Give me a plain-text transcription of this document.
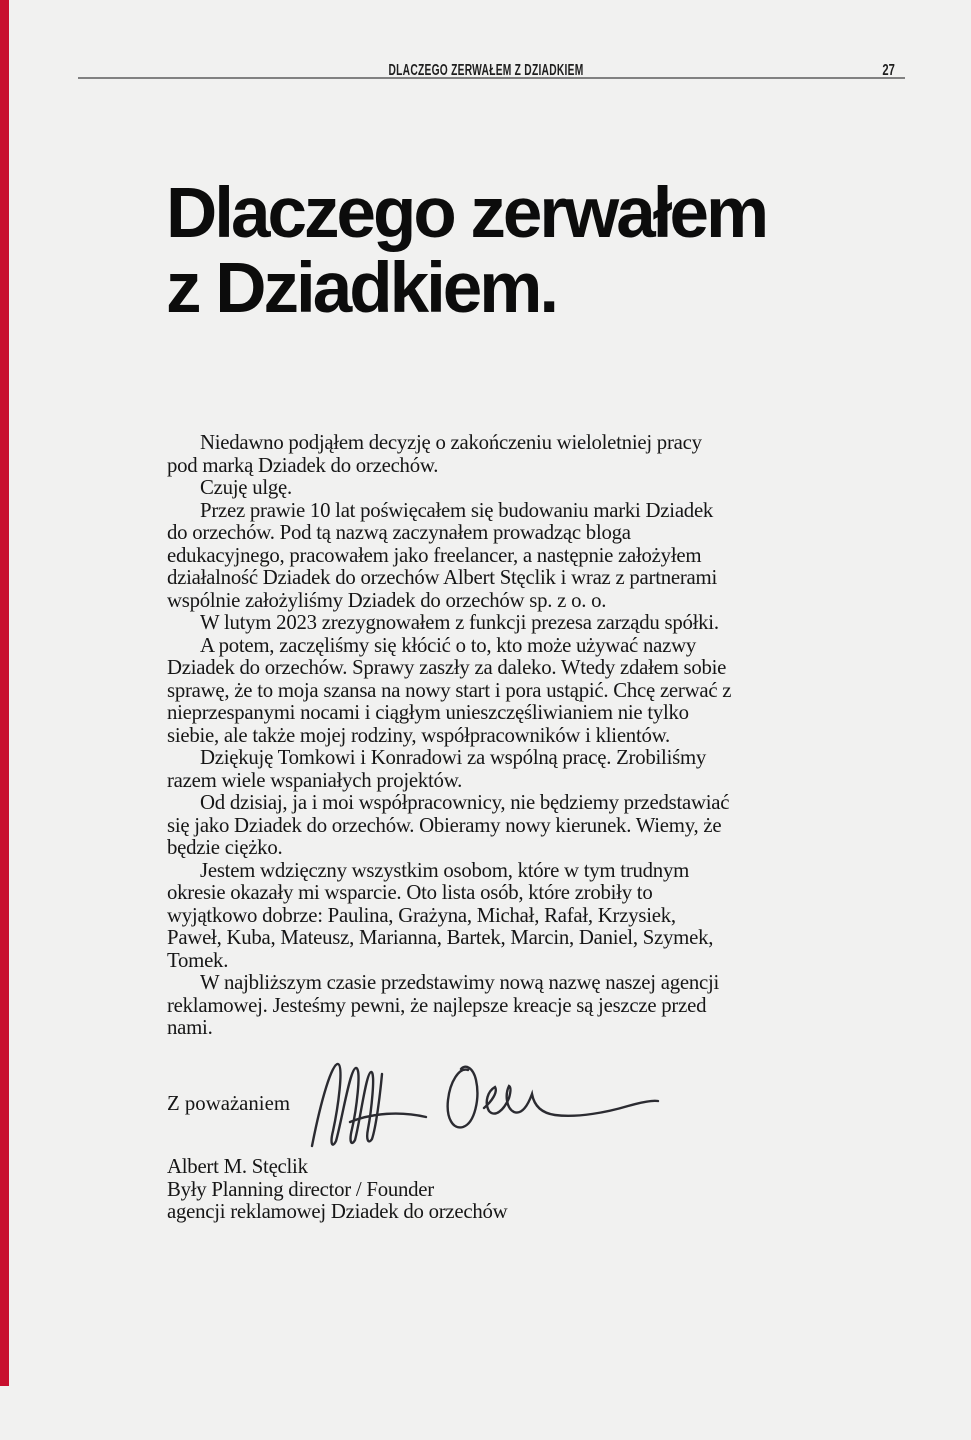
DLACZEGO ZERWAŁEM Z DZIADKIEM	27
Dlaczego zerwałem
z Dziadkiem.
Niedawno podjąłem decyzję o zakończeniu wieloletniej pracy
pod marką Dziadek do orzechów.
Czuję ulgę.
Przez prawie 10 lat poświęcałem się budowaniu marki Dziadek
do orzechów. Pod tą nazwą zaczynałem prowadząc bloga
edukacyjnego, pracowałem jako freelancer, a następnie założyłem
działalność Dziadek do orzechów Albert Stęclik i wraz z partnerami
wspólnie założyliśmy Dziadek do orzechów sp. z o. o.
W lutym 2023 zrezygnowałem z funkcji prezesa zarządu spółki.
A potem, zaczęliśmy się kłócić o to, kto może używać nazwy
Dziadek do orzechów. Sprawy zaszły za daleko. Wtedy zdałem sobie
sprawę, że to moja szansa na nowy start i pora ustąpić. Chcę zerwać z
nieprzespanymi nocami i ciągłym unieszczęśliwianiem nie tylko
siebie, ale także mojej rodziny, współpracowników i klientów.
Dziękuję Tomkowi i Konradowi za wspólną pracę. Zrobiliśmy
razem wiele wspaniałych projektów.
Od dzisiaj, ja i moi współpracownicy, nie będziemy przedstawiać
się jako Dziadek do orzechów. Obieramy nowy kierunek. Wiemy, że
będzie ciężko.
Jestem wdzięczny wszystkim osobom, które w tym trudnym
okresie okazały mi wsparcie. Oto lista osób, które zrobiły to
wyjątkowo dobrze: Paulina, Grażyna, Michał, Rafał, Krzysiek,
Paweł, Kuba, Mateusz, Marianna, Bartek, Marcin, Daniel, Szymek,
Tomek.
W najbliższym czasie przedstawimy nową nazwę naszej agencji
reklamowej. Jesteśmy pewni, że najlepsze kreacje są jeszcze przed
nami.
Z poważaniem
Albert M. Stęclik
Były Planning director / Founder
agencji reklamowej Dziadek do orzechów
